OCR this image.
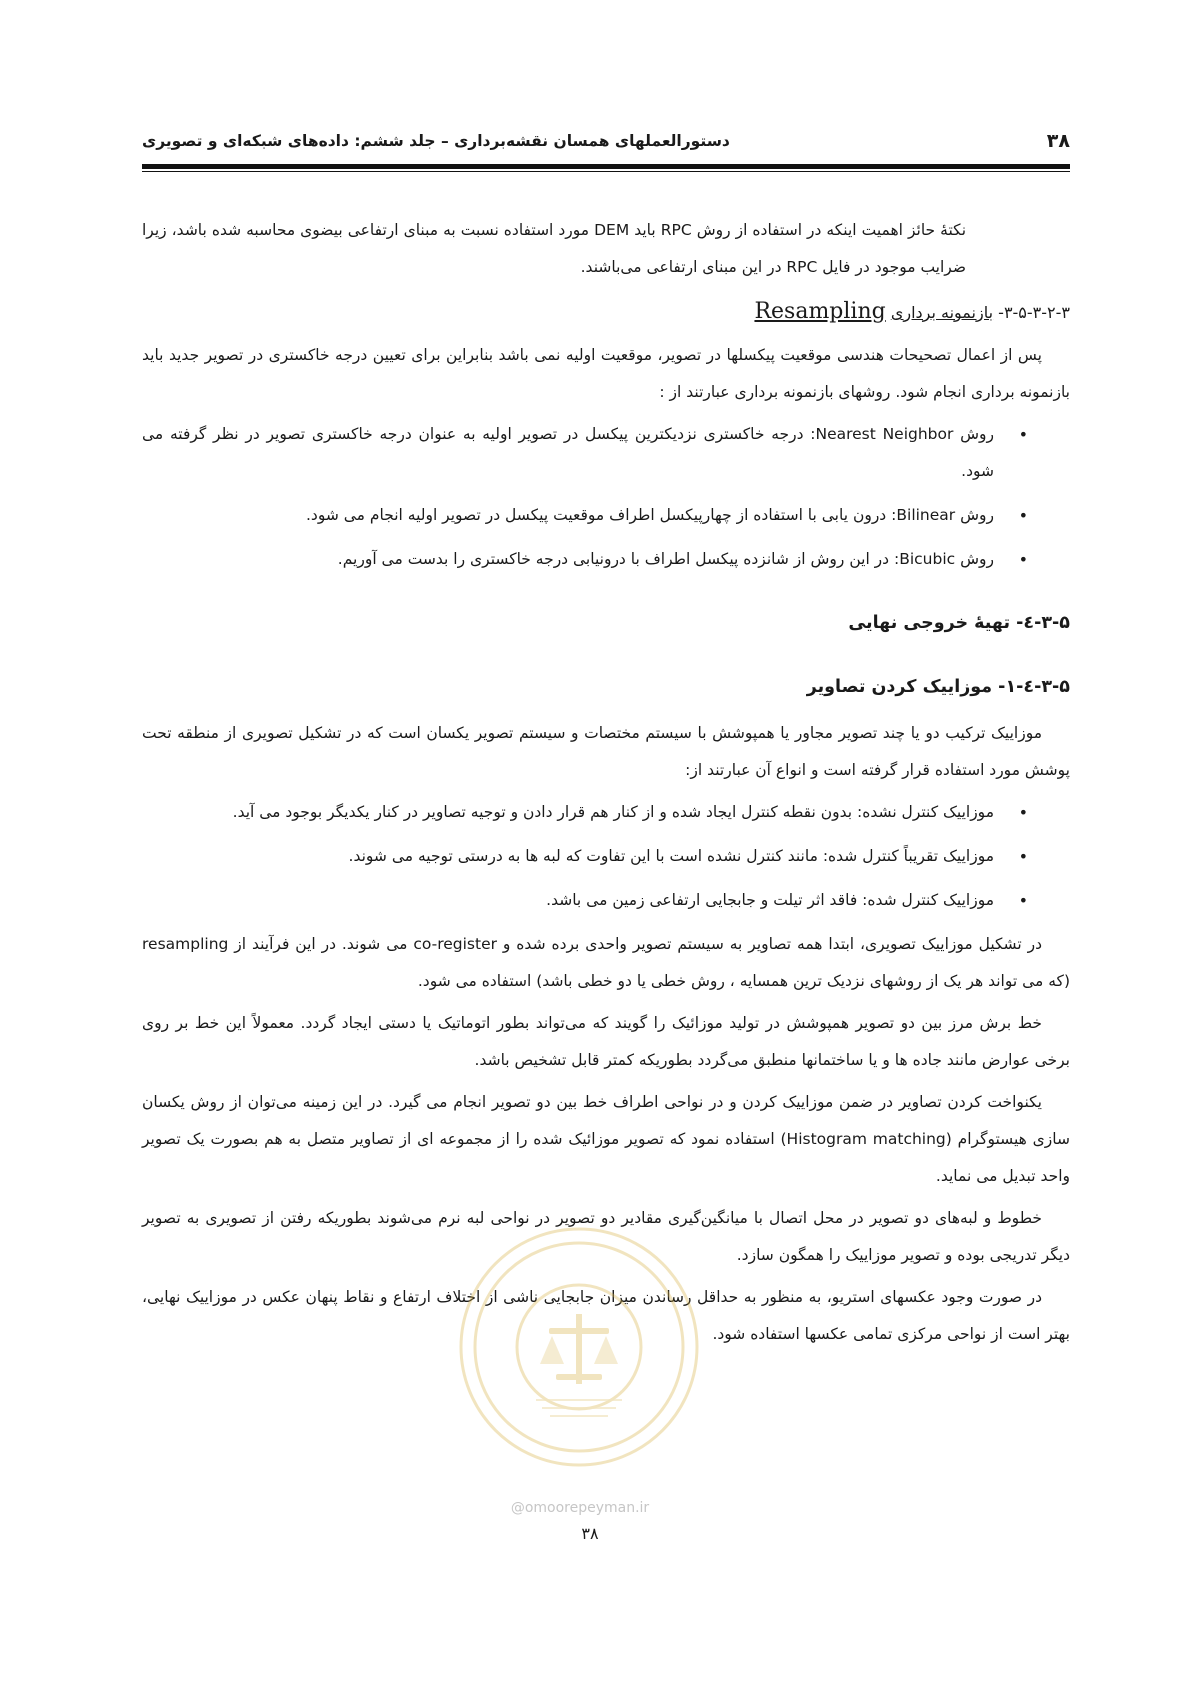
۳۸
دستورالعملهای همسان نقشه‌برداری – جلد ششم: داده‌های شبکه‌ای و تصویری

نکتهٔ حائز اهمیت اینکه در استفاده از روش RPC باید DEM مورد استفاده نسبت به مبنای ارتفاعی بیضوی محاسبه شده باشد، زیرا ضرایب موجود در فایل RPC در این مبنای ارتفاعی می‌باشند.

۳-۵-۳-۲-۳- بازنمونه برداری Resampling

پس از اعمال تصحیحات هندسی موقعیت پیکسلها در تصویر، موقعیت اولیه نمی باشد بنابراین برای تعیین درجه خاکستری در تصویر جدید باید بازنمونه برداری انجام شود. روشهای بازنمونه برداری عبارتند از :

• روش Nearest Neighbor: درجه خاکستری نزدیکترین پیکسل در تصویر اولیه به عنوان درجه خاکستری تصویر در نظر گرفته می شود.
• روش Bilinear: درون یابی با استفاده از چهارپیکسل اطراف موقعیت پیکسل در تصویر اولیه انجام می شود.
• روش Bicubic: در این روش از شانزده پیکسل اطراف با درونیابی درجه خاکستری را بدست می آوریم.
۳-۵-٤- تهیهٔ خروجی نهایی
۳-۵-٤-۱- موزاییک کردن تصاویر

موزاییک ترکیب دو یا چند تصویر مجاور یا همپوشش با سیستم مختصات و سیستم تصویر یکسان است که در تشکیل تصویری از منطقه تحت پوشش مورد استفاده قرار گرفته است و انواع آن عبارتند از:

• موزاییک کنترل نشده: بدون نقطه کنترل ایجاد شده و از کنار هم قرار دادن و توجیه تصاویر در کنار یکدیگر بوجود می آید.
• موزاییک تقریباً کنترل شده: مانند کنترل نشده است با این تفاوت که لبه ها به درستی توجیه می شوند.
• موزاییک کنترل شده: فاقد اثر تیلت و جابجایی ارتفاعی زمین می باشد.

در تشکیل موزاییک تصویری، ابتدا همه تصاویر به سیستم تصویر واحدی برده شده و co-register می شوند. در این فرآیند از resampling (که می تواند هر یک از روشهای نزدیک ترین همسایه ، روش خطی یا دو خطی باشد) استفاده می شود.

خط برش مرز بین دو تصویر همپوشش در تولید موزائیک را گویند که می‌تواند بطور اتوماتیک یا دستی ایجاد گردد. معمولاً این خط بر روی برخی عوارض مانند جاده ها و یا ساختمانها منطبق می‌گردد بطوریکه کمتر قابل تشخیص باشد.

یکنواخت کردن تصاویر در ضمن موزاییک کردن و در نواحی اطراف خط بین دو تصویر انجام می گیرد. در این زمینه می‌توان از روش یکسان سازی هیستوگرام (Histogram matching) استفاده نمود که تصویر موزائیک شده را از مجموعه ای از تصاویر متصل به هم بصورت یک تصویر واحد تبدیل می نماید.

خطوط و لبه‌های دو تصویر در محل اتصال با میانگین‌گیری مقادیر دو تصویر در نواحی لبه نرم می‌شوند بطوریکه رفتن از تصویری به تصویر دیگر تدریجی بوده و تصویر موزاییک را همگون سازد.

در صورت وجود عکسهای استریو، به منظور به حداقل رساندن میزان جابجایی ناشی از اختلاف ارتفاع و نقاط پنهان عکس در موزاییک نهایی، بهتر است از نواحی مرکزی تمامی عکسها استفاده شود.

@omoorepeyman.ir
۳۸
